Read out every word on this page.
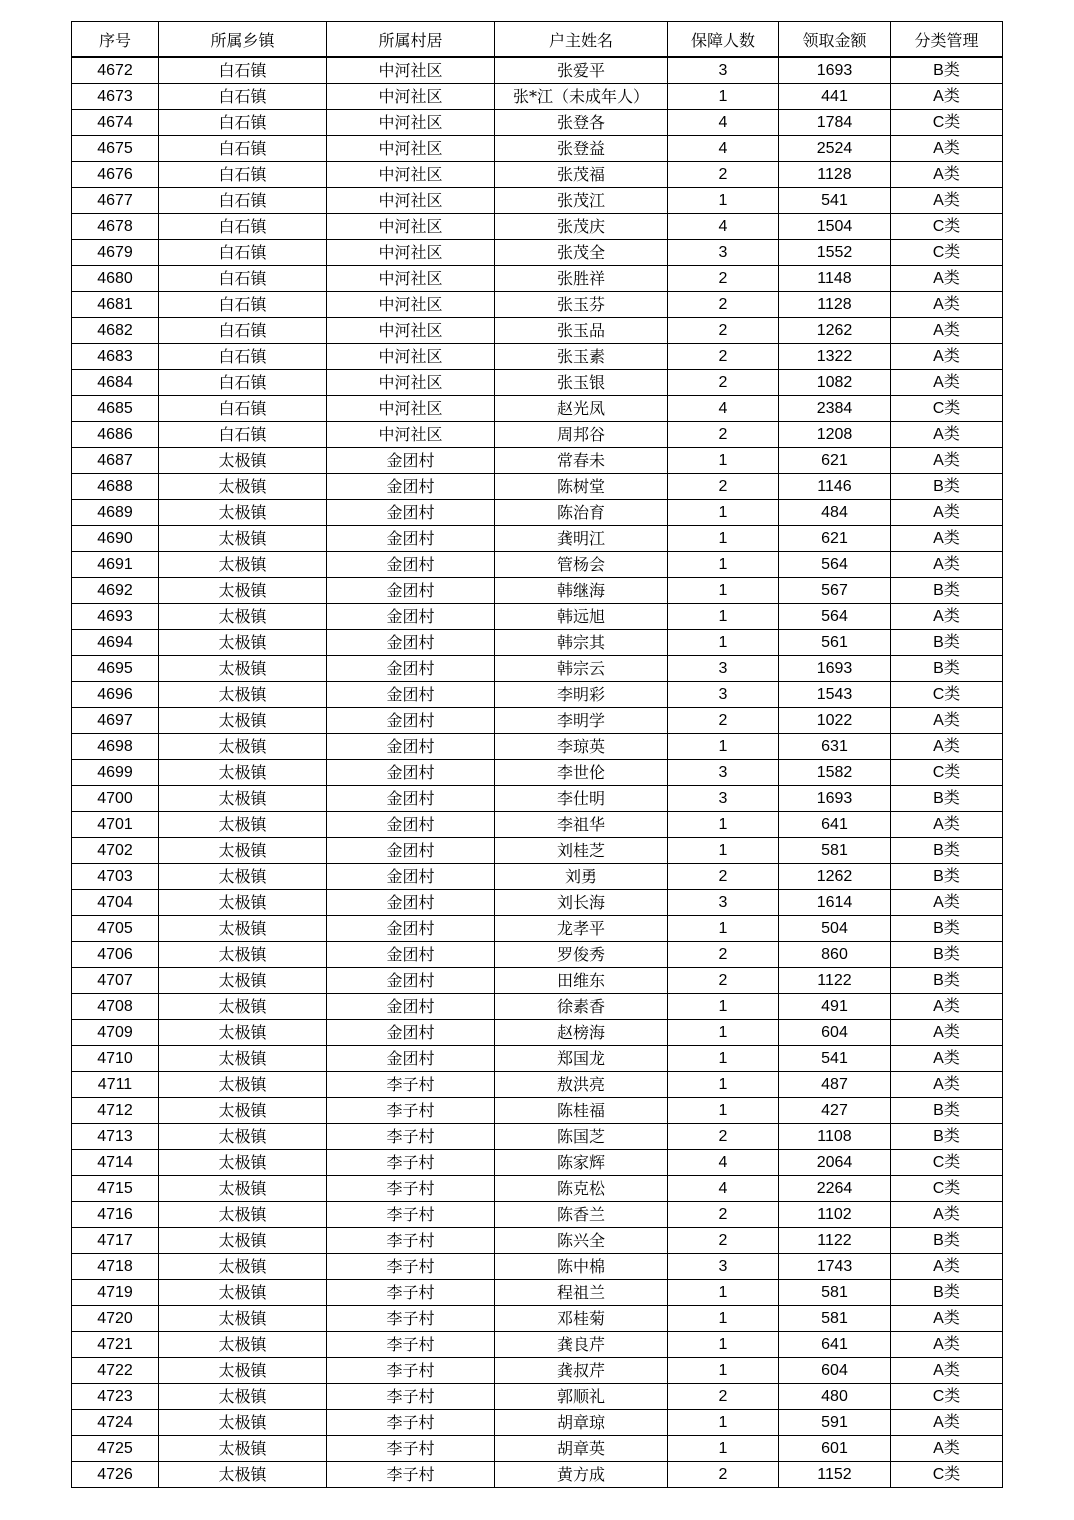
序号	所属乡镇	所属村居	户主姓名	保障人数	领取金额	分类管理
4672	白石镇	中河社区	张爱平	3	1693	B类
4673	白石镇	中河社区	张*江（未成年人）	1	441	A类
4674	白石镇	中河社区	张登各	4	1784	C类
4675	白石镇	中河社区	张登益	4	2524	A类
4676	白石镇	中河社区	张茂福	2	1128	A类
4677	白石镇	中河社区	张茂江	1	541	A类
4678	白石镇	中河社区	张茂庆	4	1504	C类
4679	白石镇	中河社区	张茂全	3	1552	C类
4680	白石镇	中河社区	张胜祥	2	1148	A类
4681	白石镇	中河社区	张玉芬	2	1128	A类
4682	白石镇	中河社区	张玉品	2	1262	A类
4683	白石镇	中河社区	张玉素	2	1322	A类
4684	白石镇	中河社区	张玉银	2	1082	A类
4685	白石镇	中河社区	赵光凤	4	2384	C类
4686	白石镇	中河社区	周邦谷	2	1208	A类
4687	太极镇	金团村	常春未	1	621	A类
4688	太极镇	金团村	陈树堂	2	1146	B类
4689	太极镇	金团村	陈治育	1	484	A类
4690	太极镇	金团村	龚明江	1	621	A类
4691	太极镇	金团村	管杨会	1	564	A类
4692	太极镇	金团村	韩继海	1	567	B类
4693	太极镇	金团村	韩远旭	1	564	A类
4694	太极镇	金团村	韩宗其	1	561	B类
4695	太极镇	金团村	韩宗云	3	1693	B类
4696	太极镇	金团村	李明彩	3	1543	C类
4697	太极镇	金团村	李明学	2	1022	A类
4698	太极镇	金团村	李琼英	1	631	A类
4699	太极镇	金团村	李世伦	3	1582	C类
4700	太极镇	金团村	李仕明	3	1693	B类
4701	太极镇	金团村	李祖华	1	641	A类
4702	太极镇	金团村	刘桂芝	1	581	B类
4703	太极镇	金团村	刘勇	2	1262	B类
4704	太极镇	金团村	刘长海	3	1614	A类
4705	太极镇	金团村	龙孝平	1	504	B类
4706	太极镇	金团村	罗俊秀	2	860	B类
4707	太极镇	金团村	田维东	2	1122	B类
4708	太极镇	金团村	徐素香	1	491	A类
4709	太极镇	金团村	赵榜海	1	604	A类
4710	太极镇	金团村	郑国龙	1	541	A类
4711	太极镇	李子村	敖洪亮	1	487	A类
4712	太极镇	李子村	陈桂福	1	427	B类
4713	太极镇	李子村	陈国芝	2	1108	B类
4714	太极镇	李子村	陈家辉	4	2064	C类
4715	太极镇	李子村	陈克松	4	2264	C类
4716	太极镇	李子村	陈香兰	2	1102	A类
4717	太极镇	李子村	陈兴全	2	1122	B类
4718	太极镇	李子村	陈中棉	3	1743	A类
4719	太极镇	李子村	程祖兰	1	581	B类
4720	太极镇	李子村	邓桂菊	1	581	A类
4721	太极镇	李子村	龚良芹	1	641	A类
4722	太极镇	李子村	龚叔芹	1	604	A类
4723	太极镇	李子村	郭顺礼	2	480	C类
4724	太极镇	李子村	胡章琼	1	591	A类
4725	太极镇	李子村	胡章英	1	601	A类
4726	太极镇	李子村	黄方成	2	1152	C类
